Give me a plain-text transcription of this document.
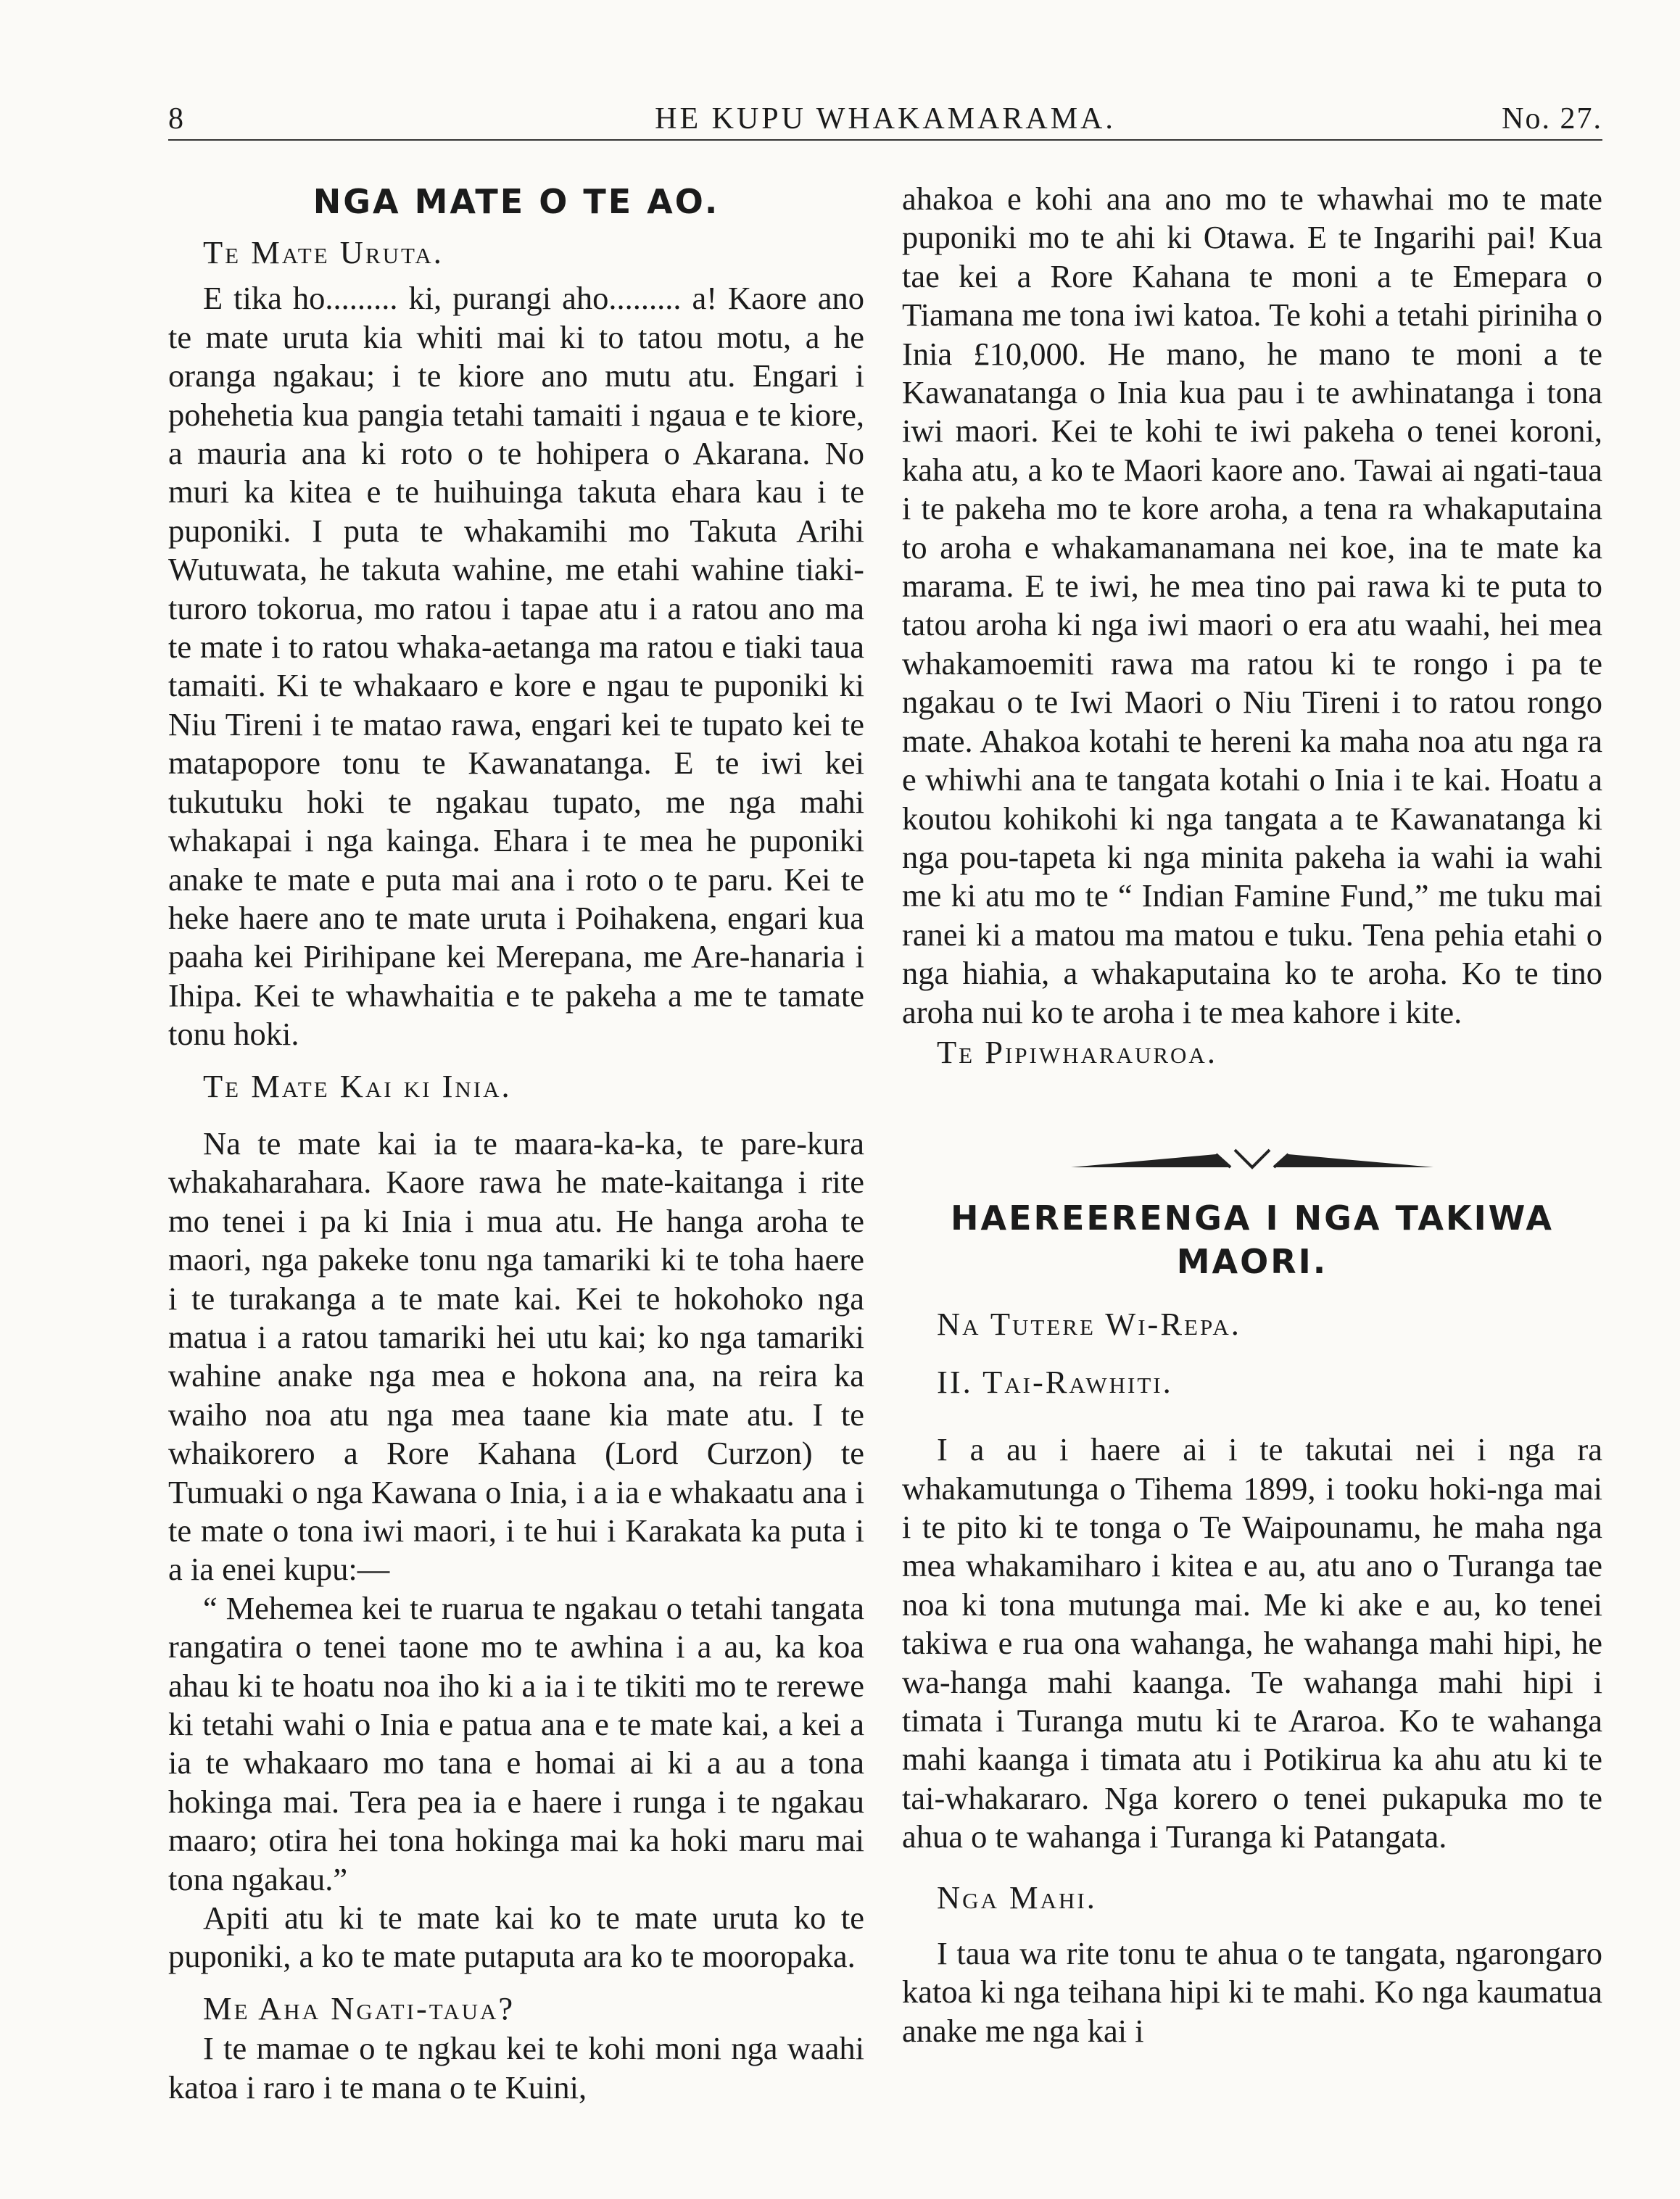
8	HE KUPU WHAKAMARAMA.	No. 27.
NGA MATE O TE AO.

Te Mate Uruta.

E tika ho......... ki, purangi aho......... a! Kaore ano te mate uruta kia whiti mai ki to tatou motu, a he oranga ngakau; i te kiore ano mutu atu. Engari i pohehetia kua pangia tetahi tamaiti i ngaua e te kiore, a mauria ana ki roto o te hohipera o Akarana. No muri ka kitea e te huihuinga takuta ehara kau i te puponiki. I puta te whakamihi mo Takuta Arihi Wutuwata, he takuta wahine, me etahi wahine tiaki-turoro tokorua, mo ratou i tapae atu i a ratou ano ma te mate i to ratou whaka-aetanga ma ratou e tiaki taua tamaiti. Ki te whakaaro e kore e ngau te puponiki ki Niu Tireni i te matao rawa, engari kei te tupato kei te matapopore tonu te Kawanatanga. E te iwi kei tukutuku hoki te ngakau tupato, me nga mahi whakapai i nga kainga. Ehara i te mea he puponiki anake te mate e puta mai ana i roto o te paru. Kei te heke haere ano te mate uruta i Poihakena, engari kua paaha kei Pirihipane kei Merepana, me Are-hanaria i Ihipa. Kei te whawhaitia e te pakeha a me te tamate tonu hoki.

Te Mate Kai ki Inia.

Na te mate kai ia te maara-ka-ka, te pare-kura whakaharahara. Kaore rawa he mate-kaitanga i rite mo tenei i pa ki Inia i mua atu. He hanga aroha te maori, nga pakeke tonu nga tamariki ki te toha haere i te turakanga a te mate kai. Kei te hokohoko nga matua i a ratou tamariki hei utu kai; ko nga tamariki wahine anake nga mea e hokona ana, na reira ka waiho noa atu nga mea taane kia mate atu. I te whaikorero a Rore Kahana (Lord Curzon) te Tumuaki o nga Kawana o Inia, i a ia e whakaatu ana i te mate o tona iwi maori, i te hui i Karakata ka puta i a ia enei kupu:—

“ Mehemea kei te ruarua te ngakau o tetahi tangata rangatira o tenei taone mo te awhina i a au, ka koa ahau ki te hoatu noa iho ki a ia i te tikiti mo te rerewe ki tetahi wahi o Inia e patua ana e te mate kai, a kei a ia te whakaaro mo tana e homai ai ki a au a tona hokinga mai. Tera pea ia e haere i runga i te ngakau maaro; otira hei tona hokinga mai ka hoki maru mai tona ngakau.”

Apiti atu ki te mate kai ko te mate uruta ko te puponiki, a ko te mate putaputa ara ko te mooropaka.

Me Aha Ngati-taua?

I te mamae o te ngkau kei te kohi moni nga waahi katoa i raro i te mana o te Kuini,

ahakoa e kohi ana ano mo te whawhai mo te mate puponiki mo te ahi ki Otawa. E te Ingarihi pai! Kua tae kei a Rore Kahana te moni a te Emepara o Tiamana me tona iwi katoa. Te kohi a tetahi piriniha o Inia £10,000. He mano, he mano te moni a te Kawanatanga o Inia kua pau i te awhinatanga i tona iwi maori. Kei te kohi te iwi pakeha o tenei koroni, kaha atu, a ko te Maori kaore ano. Tawai ai ngati-taua i te pakeha mo te kore aroha, a tena ra whakaputaina to aroha e whakamanamana nei koe, ina te mate ka marama. E te iwi, he mea tino pai rawa ki te puta to tatou aroha ki nga iwi maori o era atu waahi, hei mea whakamoemiti rawa ma ratou ki te rongo i pa te ngakau o te Iwi Maori o Niu Tireni i to ratou rongo mate. Ahakoa kotahi te hereni ka maha noa atu nga ra e whiwhi ana te tangata kotahi o Inia i te kai. Hoatu a koutou kohikohi ki nga tangata a te Kawanatanga ki nga pou-tapeta ki nga minita pakeha ia wahi ia wahi me ki atu mo te “ Indian Famine Fund,” me tuku mai ranei ki a matou ma matou e tuku. Tena pehia etahi o nga hiahia, a whakaputaina ko te aroha. Ko te tino aroha nui ko te aroha i te mea kahore i kite.

Te Pipiwharauroa.

HAEREERENGA I NGA TAKIWA MAORI.

Na Tutere Wi-Repa.

II. Tai-Rawhiti.

I a au i haere ai i te takutai nei i nga ra whakamutunga o Tihema 1899, i tooku hoki-nga mai i te pito ki te tonga o Te Waipounamu, he maha nga mea whakamiharo i kitea e au, atu ano o Turanga tae noa ki tona mutunga mai. Me ki ake e au, ko tenei takiwa e rua ona wahanga, he wahanga mahi hipi, he wa-hanga mahi kaanga. Te wahanga mahi hipi i timata i Turanga mutu ki te Araroa. Ko te wahanga mahi kaanga i timata atu i Potikirua ka ahu atu ki te tai-whakararo. Nga korero o tenei pukapuka mo te ahua o te wahanga i Turanga ki Patangata.

Nga Mahi.

I taua wa rite tonu te ahua o te tangata, ngarongaro katoa ki nga teihana hipi ki te mahi. Ko nga kaumatua anake me nga kai i
